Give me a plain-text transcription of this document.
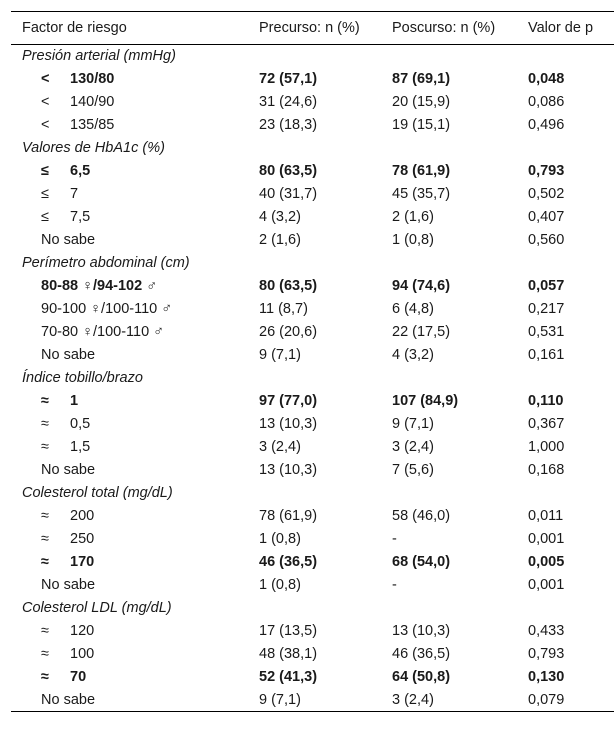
Factor de riesgo	Precurso: n (%)	Poscurso: n (%)	Valor de p
Presión arterial (mmHg)			
< 130/80	72 (57,1)	87 (69,1)	0,048
< 140/90	31 (24,6)	20 (15,9)	0,086
< 135/85	23 (18,3)	19 (15,1)	0,496
Valores de HbA1c (%)			
≤ 6,5	80 (63,5)	78 (61,9)	0,793
≤ 7	40 (31,7)	45 (35,7)	0,502
≤ 7,5	4 (3,2)	2 (1,6)	0,407
No sabe	2 (1,6)	1 (0,8)	0,560
Perímetro abdominal (cm)			
80-88 ♀/94-102 ♂	80 (63,5)	94 (74,6)	0,057
90-100 ♀/100-110 ♂	11 (8,7)	6 (4,8)	0,217
70-80 ♀/100-110 ♂	26 (20,6)	22 (17,5)	0,531
No sabe	9 (7,1)	4 (3,2)	0,161
Índice tobillo/brazo			
≈ 1	97 (77,0)	107 (84,9)	0,110
≈ 0,5	13 (10,3)	9 (7,1)	0,367
≈ 1,5	3 (2,4)	3 (2,4)	1,000
No sabe	13 (10,3)	7 (5,6)	0,168
Colesterol total (mg/dL)			
≈ 200	78 (61,9)	58 (46,0)	0,011
≈ 250	1 (0,8)	-	0,001
≈ 170	46 (36,5)	68 (54,0)	0,005
No sabe	1 (0,8)	-	0,001
Colesterol LDL (mg/dL)			
≈ 120	17 (13,5)	13 (10,3)	0,433
≈ 100	48 (38,1)	46 (36,5)	0,793
≈ 70	52 (41,3)	64 (50,8)	0,130
No sabe	9 (7,1)	3 (2,4)	0,079
